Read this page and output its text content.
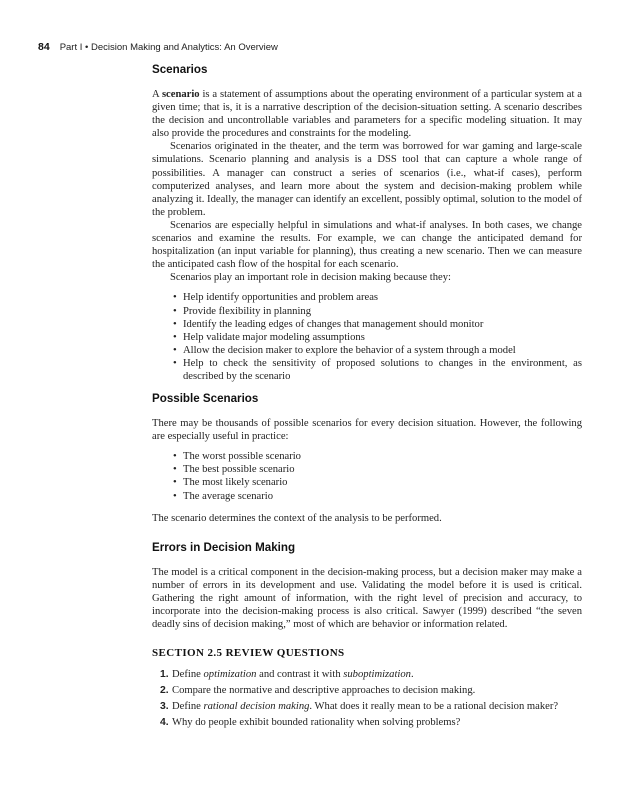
84 Part I • Decision Making and Analytics: An Overview
Scenarios

A scenario is a statement of assumptions about the operating environment of a particular system at a given time; that is, it is a narrative description of the decision-situation setting. A scenario describes the decision and uncontrollable variables and parameters for a specific modeling situation. It may also provide the procedures and constraints for the modeling.

Scenarios originated in the theater, and the term was borrowed for war gaming and large-scale simulations. Scenario planning and analysis is a DSS tool that can capture a whole range of possibilities. A manager can construct a series of scenarios (i.e., what-if cases), perform computerized analyses, and learn more about the system and decision-making problem while analyzing it. Ideally, the manager can identify an excellent, possibly optimal, solution to the model of the problem.

Scenarios are especially helpful in simulations and what-if analyses. In both cases, we change scenarios and examine the results. For example, we can change the anticipated demand for hospitalization (an input variable for planning), thus creating a new scenario. Then we can measure the anticipated cash flow of the hospital for each scenario.

Scenarios play an important role in decision making because they:

• Help identify opportunities and problem areas
• Provide flexibility in planning
• Identify the leading edges of changes that management should monitor
• Help validate major modeling assumptions
• Allow the decision maker to explore the behavior of a system through a model
• Help to check the sensitivity of proposed solutions to changes in the environment, as described by the scenario
Possible Scenarios

There may be thousands of possible scenarios for every decision situation. However, the following are especially useful in practice:

• The worst possible scenario
• The best possible scenario
• The most likely scenario
• The average scenario

The scenario determines the context of the analysis to be performed.

Errors in Decision Making

The model is a critical component in the decision-making process, but a decision maker may make a number of errors in its development and use. Validating the model before it is used is critical. Gathering the right amount of information, with the right level of precision and accuracy, to incorporate into the decision-making process is also critical. Sawyer (1999) described “the seven deadly sins of decision making,” most of which are behavior or information related.

SECTION 2.5 REVIEW QUESTIONS
1. Define optimization and contrast it with suboptimization.
2. Compare the normative and descriptive approaches to decision making.
3. Define rational decision making. What does it really mean to be a rational decision maker?
4. Why do people exhibit bounded rationality when solving problems?
